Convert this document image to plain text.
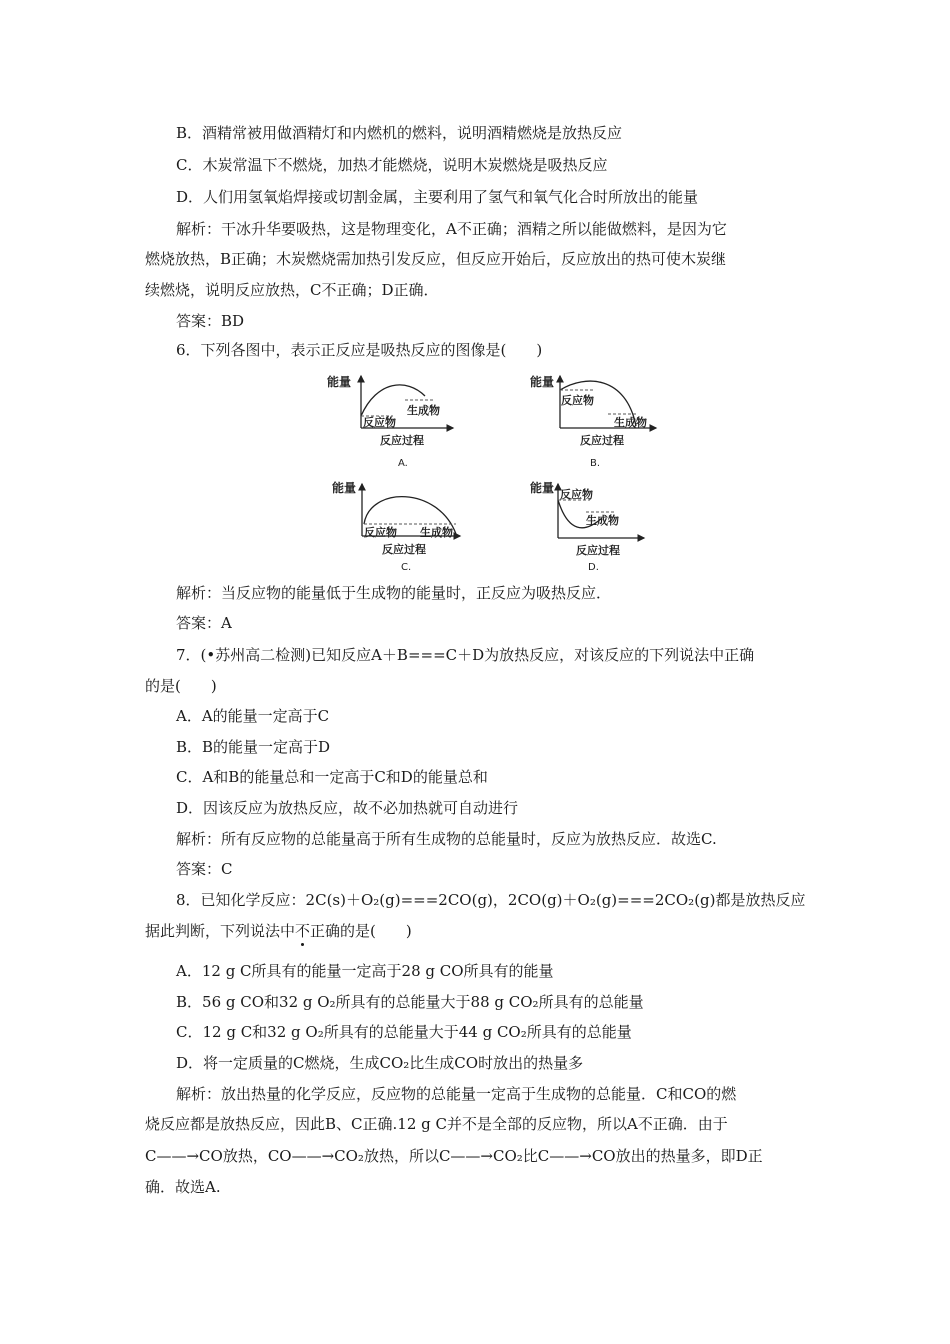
B．酒精常被用做酒精灯和内燃机的燃料，说明酒精燃烧是放热反应
C．木炭常温下不燃烧，加热才能燃烧，说明木炭燃烧是吸热反应
D．人们用氢氧焰焊接或切割金属，主要利用了氢气和氧气化合时所放出的能量
解析：干冰升华要吸热，这是物理变化，A不正确；酒精之所以能做燃料，是因为它
燃烧放热，B正确；木炭燃烧需加热引发反应，但反应开始后，反应放出的热可使木炭继
续燃烧，说明反应放热，C不正确；D正确．
答案：BD
6．下列各图中，表示正反应是吸热反应的图像是(　　)
能量
反应物
生成物
反应过程
A.
能量
反应物
生成物
反应过程
B.
能量
反应物 生成物
反应过程
C.
能量 反应物
生成物
反应过程
D.
解析：当反应物的能量低于生成物的能量时，正反应为吸热反应．
答案：A
7．(•苏州高二检测)已知反应A＋B===C＋D为放热反应，对该反应的下列说法中正确
的是(　　)
A．A的能量一定高于C
B．B的能量一定高于D
C．A和B的能量总和一定高于C和D的能量总和
D．因该反应为放热反应，故不必加热就可自动进行
解析：所有反应物的总能量高于所有生成物的总能量时，反应为放热反应．故选C.
答案：C
8．已知化学反应：2C(s)＋O₂(g)===2CO(g)，2CO(g)＋O₂(g)===2CO₂(g)都是放热反应
据此判断，下列说法中不正确的是(　　)
A．12 g C所具有的能量一定高于28 g CO所具有的能量
B．56 g CO和32 g O₂所具有的总能量大于88 g CO₂所具有的总能量
C．12 g C和32 g O₂所具有的总能量大于44 g CO₂所具有的总能量
D．将一定质量的C燃烧，生成CO₂比生成CO时放出的热量多
解析：放出热量的化学反应，反应物的总能量一定高于生成物的总能量．C和CO的燃
烧反应都是放热反应，因此B、C正确.12 g C并不是全部的反应物，所以A不正确．由于
C——→CO放热，CO——→CO₂放热，所以C——→CO₂比C——→CO放出的热量多，即D正
确．故选A.
